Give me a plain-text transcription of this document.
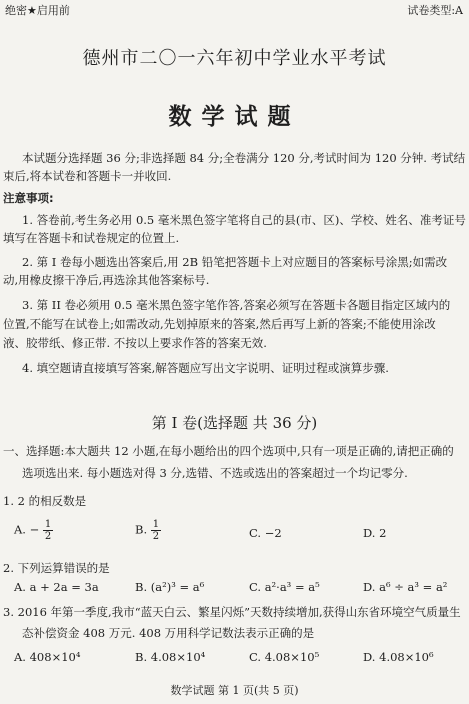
绝密★启用前	试卷类型:A
德州市二〇一六年初中学业水平考试
数学试题
本试题分选择题 36 分;非选择题 84 分;全卷满分 120 分,考试时间为 120 分钟. 考试结
束后,将本试卷和答题卡一并收回.
注意事项:
1. 答卷前,考生务必用 0.5 毫米黑色签字笔将自己的县(市、区)、学校、姓名、准考证号
填写在答题卡和试卷规定的位置上.
2. 第 I 卷每小题选出答案后,用 2B 铅笔把答题卡上对应题目的答案标号涂黑;如需改
动,用橡皮擦干净后,再选涂其他答案标号.
3. 第 II 卷必须用 0.5 毫米黑色签字笔作答,答案必须写在答题卡各题目指定区域内的
位置,不能写在试卷上;如需改动,先划掉原来的答案,然后再写上新的答案;不能使用涂改
液、胶带纸、修正带. 不按以上要求作答的答案无效.
4. 填空题请直接填写答案,解答题应写出文字说明、证明过程或演算步骤.
第 I 卷(选择题 共 36 分)
一、选择题:本大题共 12 小题,在每小题给出的四个选项中,只有一项是正确的,请把正确的
选项选出来. 每小题选对得 3 分,选错、不选或选出的答案超过一个均记零分.
1. 2 的相反数是
A. − $\frac{1}{2}$	B. $\frac{1}{2}$	C. −2	D. 2
2. 下列运算错误的是
A. a + 2a = 3a	B. (a²)³ = a⁶	C. a²·a³ = a⁵	D. a⁶ ÷ a³ = a²
3. 2016 年第一季度,我市“蓝天白云、繁星闪烁”天数持续增加,获得山东省环境空气质量生
态补偿资金 408 万元. 408 万用科学记数法表示正确的是
A. 408×10⁴	B. 4.08×10⁴	C. 4.08×10⁵	D. 4.08×10⁶
数学试题 第 1 页(共 5 页)
